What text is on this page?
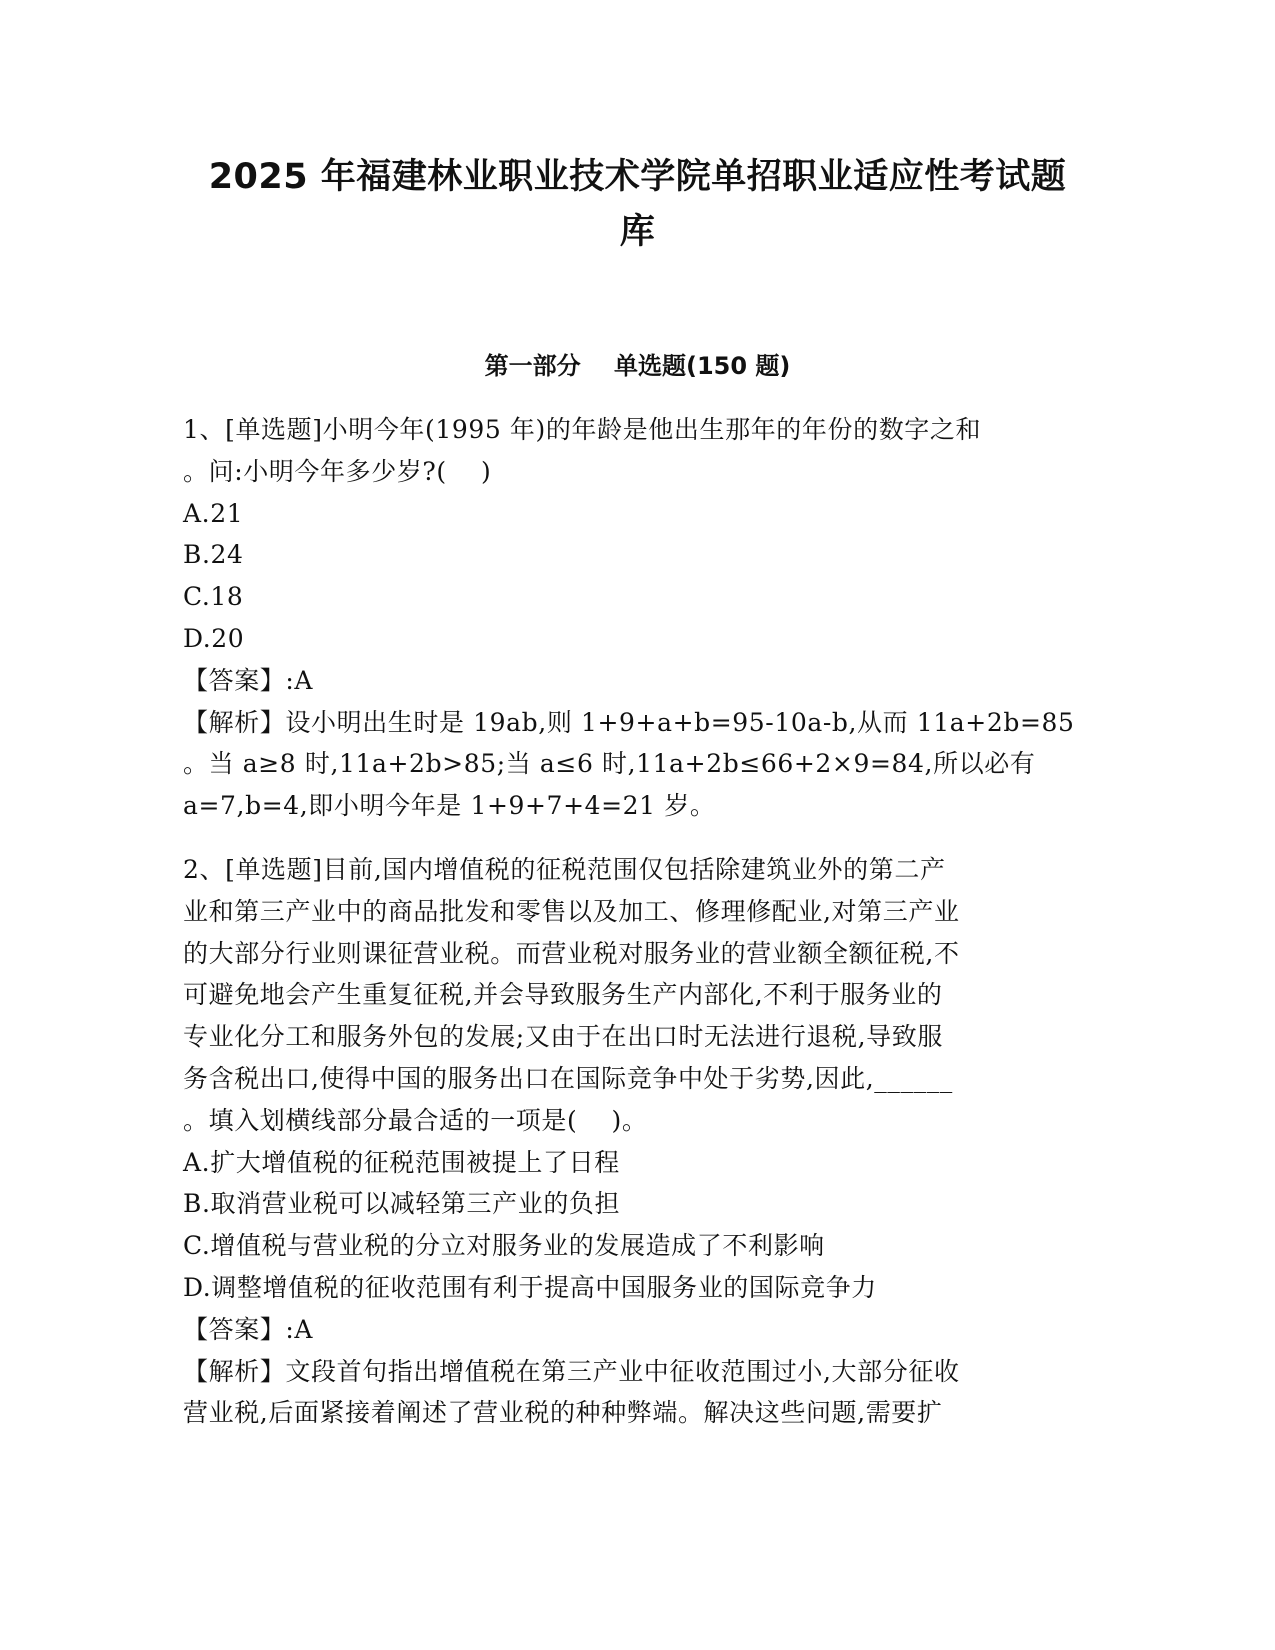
2025 年福建林业职业技术学院单招职业适应性考试题
库
第一部分    单选题(150 题)
1、[单选题]小明今年(1995 年)的年龄是他出生那年的年份的数字之和
。问:小明今年多少岁?(    )
A.21
B.24
C.18
D.20
【答案】:A
【解析】设小明出生时是 19ab,则 1+9+a+b=95-10a-b,从而 11a+2b=85
。当 a≥8 时,11a+2b>85;当 a≤6 时,11a+2b≤66+2×9=84,所以必有
a=7,b=4,即小明今年是 1+9+7+4=21 岁。
2、[单选题]目前,国内增值税的征税范围仅包括除建筑业外的第二产
业和第三产业中的商品批发和零售以及加工、修理修配业,对第三产业
的大部分行业则课征营业税。而营业税对服务业的营业额全额征税,不
可避免地会产生重复征税,并会导致服务生产内部化,不利于服务业的
专业化分工和服务外包的发展;又由于在出口时无法进行退税,导致服
务含税出口,使得中国的服务出口在国际竞争中处于劣势,因此,______
。填入划横线部分最合适的一项是(    )。
A.扩大增值税的征税范围被提上了日程
B.取消营业税可以减轻第三产业的负担
C.增值税与营业税的分立对服务业的发展造成了不利影响
D.调整增值税的征收范围有利于提高中国服务业的国际竞争力
【答案】:A
【解析】文段首句指出增值税在第三产业中征收范围过小,大部分征收
营业税,后面紧接着阐述了营业税的种种弊端。解决这些问题,需要扩
